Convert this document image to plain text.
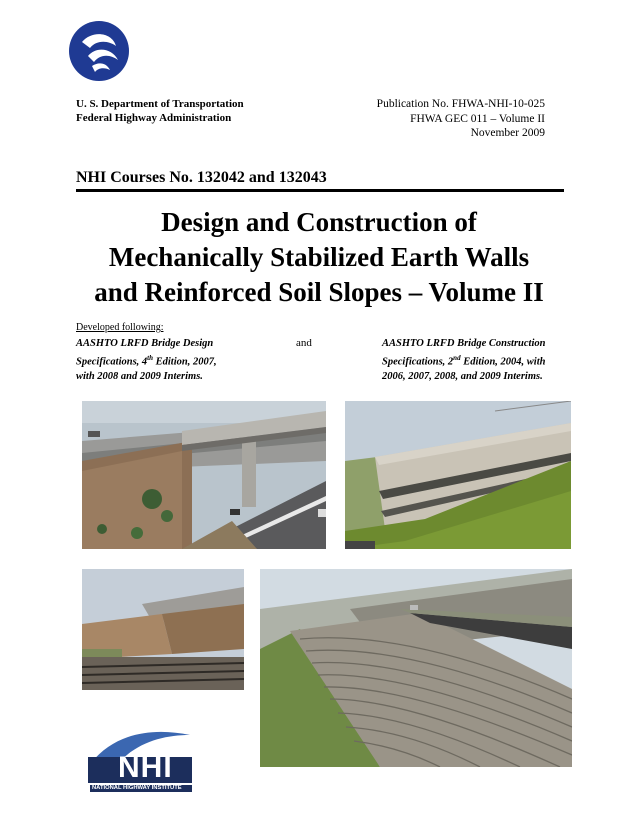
U. S. Department of Transportation
Federal Highway Administration
Publication No. FHWA-NHI-10-025
FHWA GEC 011 – Volume II
November 2009
NHI Courses No. 132042 and 132043
Design and Construction of
Mechanically Stabilized Earth Walls
and Reinforced Soil Slopes – Volume II
Developed following:
AASHTO LRFD Bridge Design
Specifications, 4th Edition, 2007,
with 2008 and 2009 Interims.
and	AASHTO LRFD Bridge Construction
Specifications, 2nd Edition, 2004, with
2006, 2007, 2008, and 2009 Interims.
NHI
NATIONAL HIGHWAY INSTITUTE
